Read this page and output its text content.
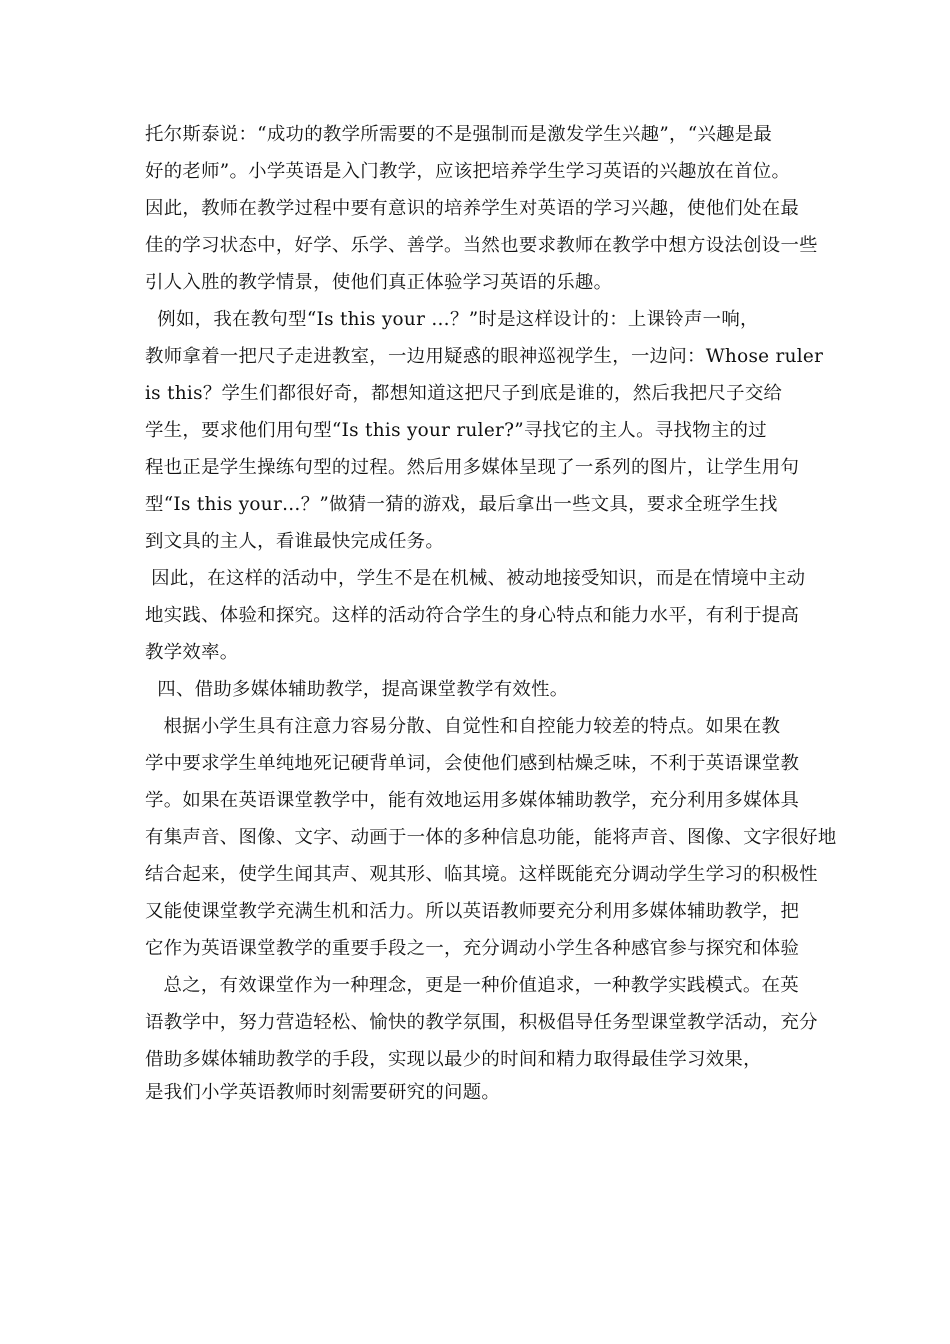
托尔斯泰说：“成功的教学所需要的不是强制而是激发学生兴趣”，“兴趣是最
好的老师”。小学英语是入门教学，应该把培养学生学习英语的兴趣放在首位。
因此，教师在教学过程中要有意识的培养学生对英语的学习兴趣，使他们处在最
佳的学习状态中，好学、乐学、善学。当然也要求教师在教学中想方设法创设一些
引人入胜的教学情景，使他们真正体验学习英语的乐趣。
例如，我在教句型“Is this your …？”时是这样设计的：上课铃声一响，
教师拿着一把尺子走进教室，一边用疑惑的眼神巡视学生，一边问：Whose ruler
is this？学生们都很好奇，都想知道这把尺子到底是谁的，然后我把尺子交给
学生，要求他们用句型“Is this your ruler?”寻找它的主人。寻找物主的过
程也正是学生操练句型的过程。然后用多媒体呈现了一系列的图片，让学生用句
型“Is this your…？”做猜一猜的游戏，最后拿出一些文具，要求全班学生找
到文具的主人，看谁最快完成任务。
因此，在这样的活动中，学生不是在机械、被动地接受知识，而是在情境中主动
地实践、体验和探究。这样的活动符合学生的身心特点和能力水平，有利于提高
教学效率。
四、借助多媒体辅助教学，提高课堂教学有效性。
根据小学生具有注意力容易分散、自觉性和自控能力较差的特点。如果在教
学中要求学生单纯地死记硬背单词，会使他们感到枯燥乏味，不利于英语课堂教
学。如果在英语课堂教学中，能有效地运用多媒体辅助教学，充分利用多媒体具
有集声音、图像、文字、动画于一体的多种信息功能，能将声音、图像、文字很好地
结合起来，使学生闻其声、观其形、临其境。这样既能充分调动学生学习的积极性
又能使课堂教学充满生机和活力。所以英语教师要充分利用多媒体辅助教学，把
它作为英语课堂教学的重要手段之一，充分调动小学生各种感官参与探究和体验
总之，有效课堂作为一种理念，更是一种价值追求，一种教学实践模式。在英
语教学中，努力营造轻松、愉快的教学氛围，积极倡导任务型课堂教学活动，充分
借助多媒体辅助教学的手段，实现以最少的时间和精力取得最佳学习效果，
是我们小学英语教师时刻需要研究的问题。
